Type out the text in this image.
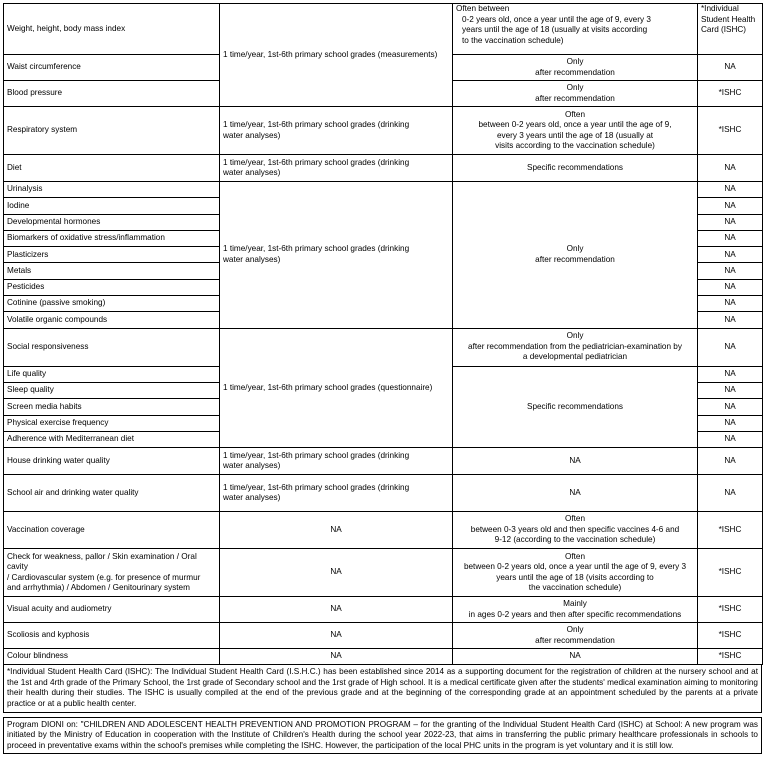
Weight, height, body mass index	1 time/year, 1st-6th primary school grades (measurements)	Often between
0-2 years old, once a year until the age of 9, every 3
years until the age of 18 (usually at visits according
to the vaccination schedule)	*Individual
Student Health
Card (ISHC)

Waist circumference		Only
after recommendation	NA
Blood pressure		Only
after recommendation	*ISHC
Respiratory system	1 time/year, 1st-6th primary school grades (drinking
water analyses)	Often
between 0-2 years old, once a year until the age of 9,
every 3 years until the age of 18 (usually at
visits according to the vaccination schedule)	*ISHC
Diet	1 time/year, 1st-6th primary school grades (drinking
water analyses)	Specific recommendations	NA
Urinalysis	1 time/year, 1st-6th primary school grades (drinking
water analyses)	Only
after recommendation	NA
Iodine			NA
Developmental hormones			NA
Biomarkers of oxidative stress/inflammation			NA
Plasticizers			NA
Metals			NA
Pesticides			NA
Cotinine (passive smoking)			NA
Volatile organic compounds			NA
Social responsiveness	1 time/year, 1st-6th primary school grades (questionnaire)	Only
after recommendation from the pediatrician-examination by
a developmental pediatrician	NA
Life quality		Specific recommendations	NA
Sleep quality			NA
Screen media habits			NA
Physical exercise frequency			NA
Adherence with Mediterranean diet			NA
House drinking water quality	1 time/year, 1st-6th primary school grades (drinking
water analyses)	NA	NA
School air and drinking water quality	1 time/year, 1st-6th primary school grades (drinking
water analyses)	NA	NA
Vaccination coverage	NA	Often
between 0-3 years old and then specific vaccines 4-6 and
9-12 (according to the vaccination schedule)	*ISHC

Check for weakness, pallor / Skin examination / Oral cavity
/ Cardiovascular system (e.g. for presence of murmur
and arrhythmia) / Abdomen / Genitourinary system	NA	Often
between 0-2 years old, once a year until the age of 9, every 3
years until the age of 18 (visits according to
the vaccination schedule)	*ISHC
Visual acuity and audiometry	NA	Mainly
in ages 0-2 years and then after specific recommendations	*ISHC
Scoliosis and kyphosis	NA	Only
after recommendation	*ISHC
Colour blindness	NA	NA	*ISHC
*Individual Student Health Card (ISHC): The Individual Student Health Card (I.S.H.C.) has been established since 2014 as a supporting document for the registration of children at the nursery school and at the 1st and 4rth grade of the Primary School, the 1rst grade of Secondary school and the 1rst grade of High school. It is a medical certificate given after the students' medical examination aiming to monitoring their health during their studies. The ISHC is usually compiled at the end of the previous grade and at the beginning of the corresponding grade at an appointment scheduled by the parents at a private practice or at a public health center.
Program DIONI on: "CHILDREN AND ADOLESCENT HEALTH PREVENTION AND PROMOTION PROGRAM – for the granting of the Individual Student Health Card (ISHC) at School: A new program was initiated by the Ministry of Education in cooperation with the Institute of Children's Health during the school year 2022-23, that aims in transferring the public primary healthcare professionals in schools to proceed in preventative exams within the school's premises while completing the ISHC. However, the participation of the local PHC units in the program is yet voluntary and it is still low.
